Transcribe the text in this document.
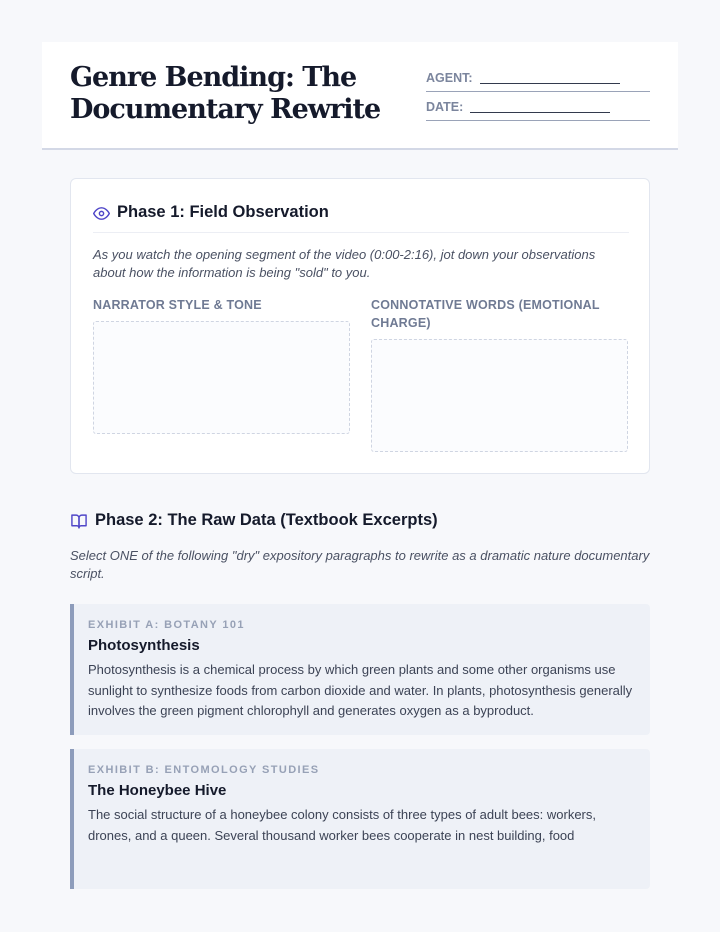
Genre Bending: The Documentary Rewrite
AGENT:
DATE:
Phase 1: Field Observation

As you watch the opening segment of the video (0:00-2:16), jot down your observations about how the information is being "sold" to you.

NARRATOR STYLE & TONE	CONNOTATIVE WORDS (EMOTIONAL CHARGE)
Phase 2: The Raw Data (Textbook Excerpts)

Select ONE of the following "dry" expository paragraphs to rewrite as a dramatic nature documentary script.

EXHIBIT A: BOTANY 101
Photosynthesis

Photosynthesis is a chemical process by which green plants and some other organisms use sunlight to synthesize foods from carbon dioxide and water. In plants, photosynthesis generally involves the green pigment chlorophyll and generates oxygen as a byproduct.

EXHIBIT B: ENTOMOLOGY STUDIES
The Honeybee Hive

The social structure of a honeybee colony consists of three types of adult bees: workers, drones, and a queen. Several thousand worker bees cooperate in nest building, food
